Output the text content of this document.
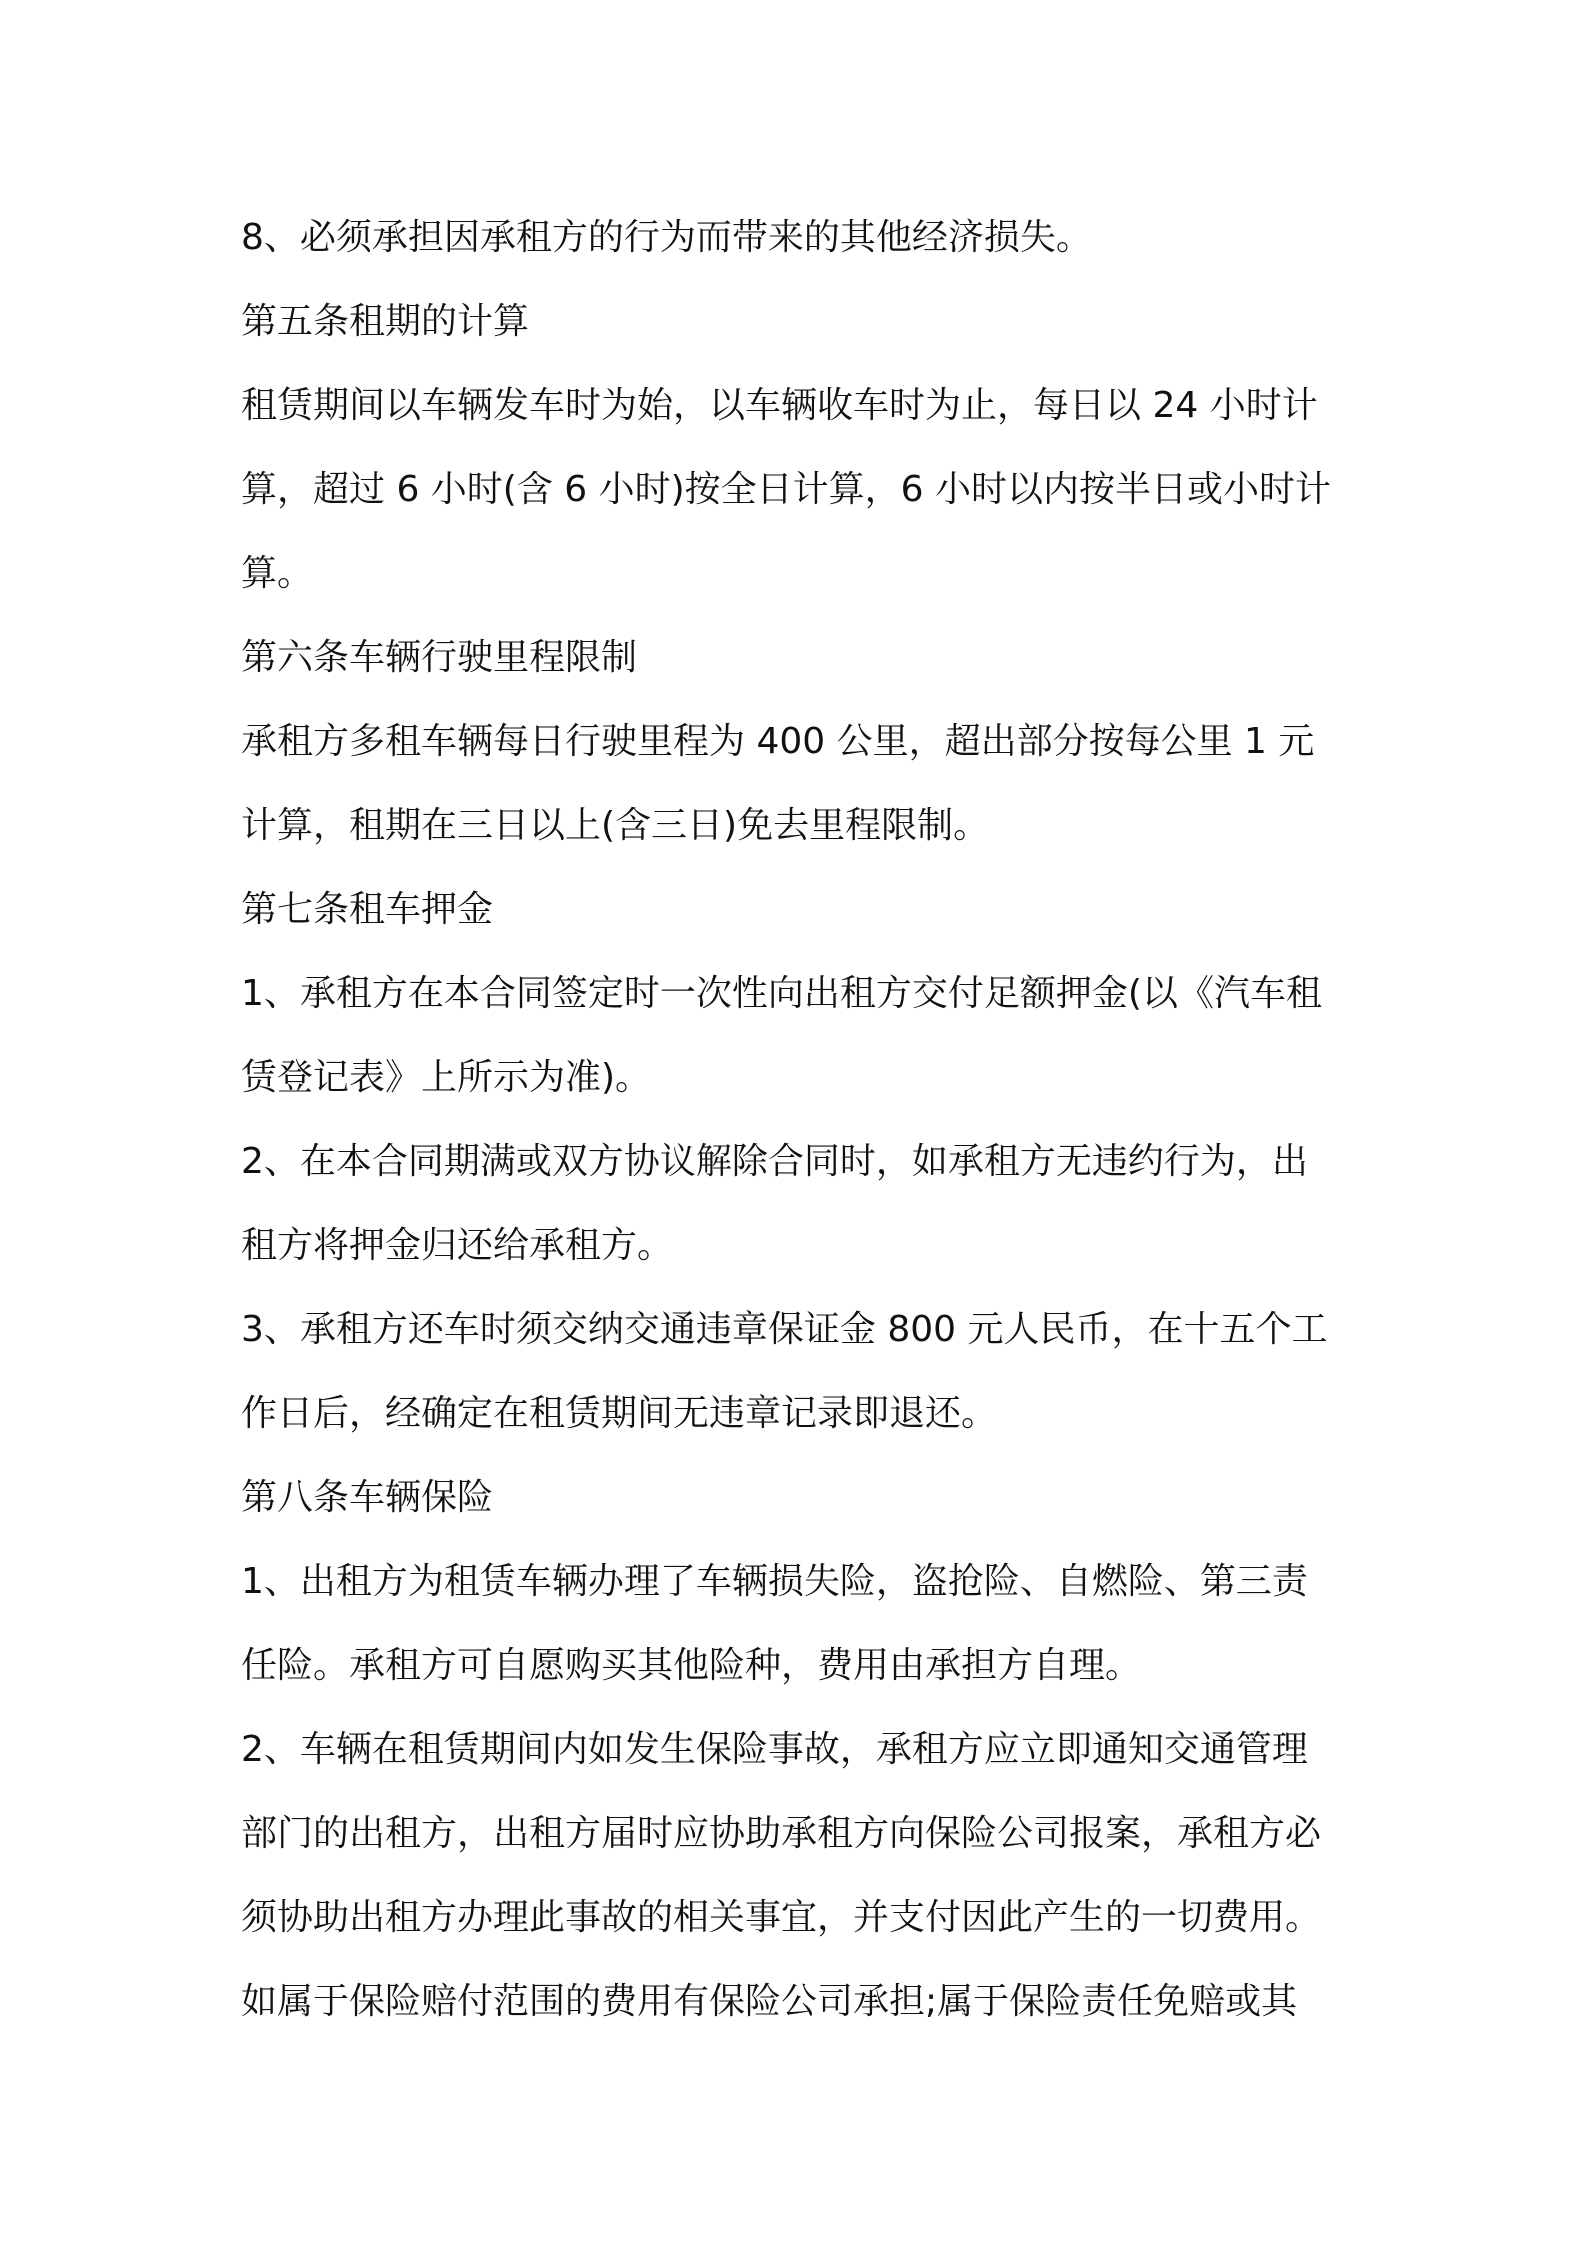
8、必须承担因承租方的行为而带来的其他经济损失。
第五条租期的计算
租赁期间以车辆发车时为始，以车辆收车时为止，每日以 24 小时计
算，超过 6 小时(含 6 小时)按全日计算，6 小时以内按半日或小时计
算。
第六条车辆行驶里程限制
承租方多租车辆每日行驶里程为 400 公里，超出部分按每公里 1 元
计算，租期在三日以上(含三日)免去里程限制。
第七条租车押金
1、承租方在本合同签定时一次性向出租方交付足额押金(以《汽车租
赁登记表》上所示为准)。
2、在本合同期满或双方协议解除合同时，如承租方无违约行为，出
租方将押金归还给承租方。
3、承租方还车时须交纳交通违章保证金 800 元人民币，在十五个工
作日后，经确定在租赁期间无违章记录即退还。
第八条车辆保险
1、出租方为租赁车辆办理了车辆损失险，盗抢险、自燃险、第三责
任险。承租方可自愿购买其他险种，费用由承担方自理。
2、车辆在租赁期间内如发生保险事故，承租方应立即通知交通管理
部门的出租方，出租方届时应协助承租方向保险公司报案，承租方必
须协助出租方办理此事故的相关事宜，并支付因此产生的一切费用。
如属于保险赔付范围的费用有保险公司承担;属于保险责任免赔或其
